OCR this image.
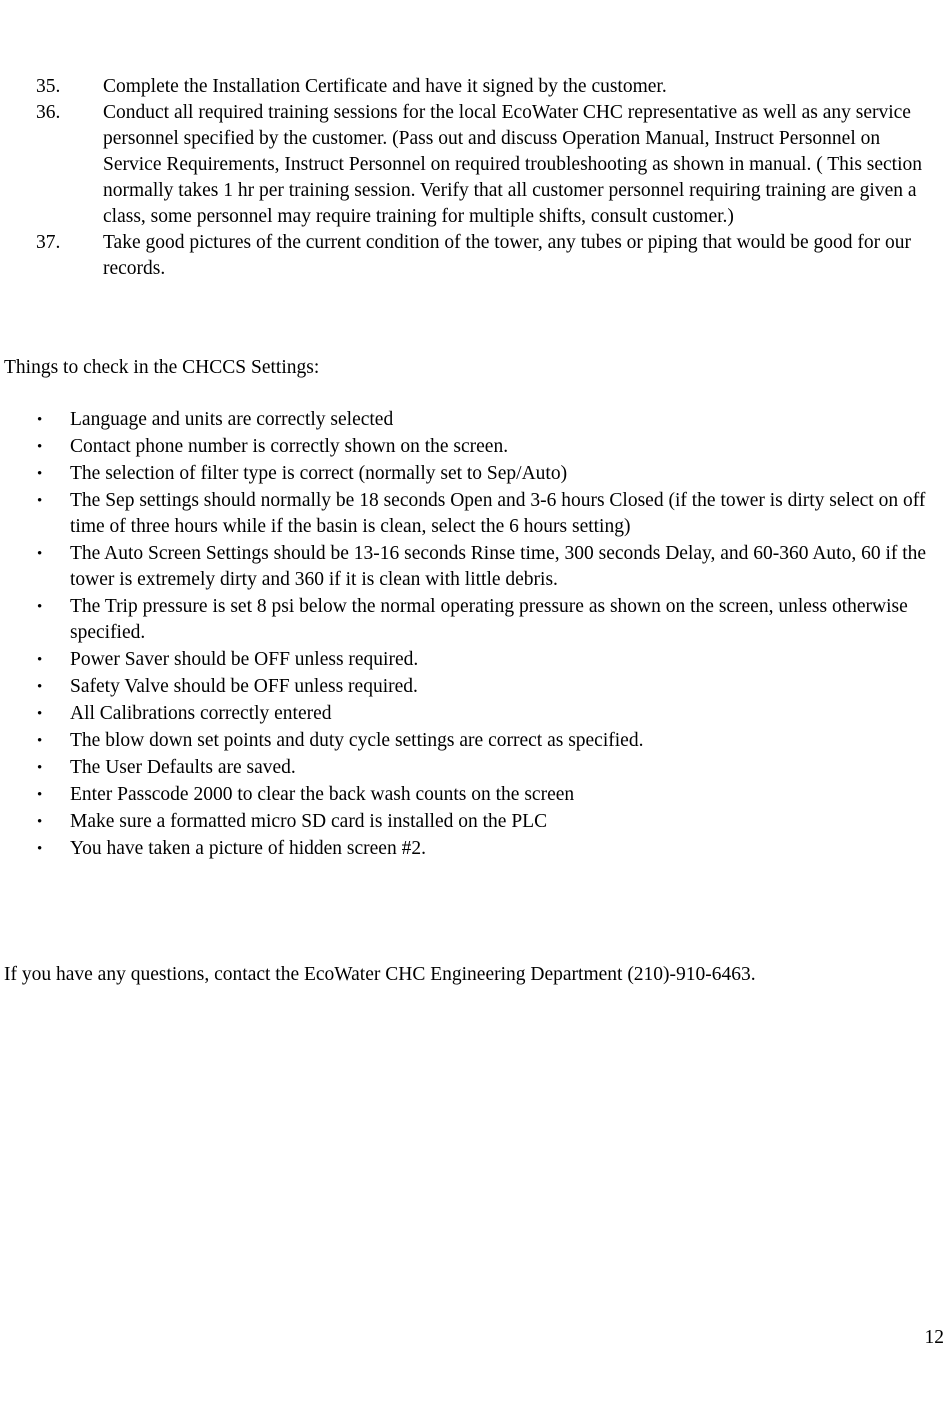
35. Complete the Installation Certificate and have it signed by the customer.
36. Conduct all required training sessions for the local EcoWater CHC representative as well as any service personnel specified by the customer. (Pass out and discuss Operation Manual, Instruct Personnel on Service Requirements, Instruct Personnel on required troubleshooting as shown in manual. ( This section normally takes 1 hr per training session. Verify that all customer personnel requiring training are given a class, some personnel may require training for multiple shifts, consult customer.)
37. Take good pictures of the current condition of the tower, any tubes or piping that would be good for our records.
Things to check in the CHCCS Settings:
• Language and units are correctly selected
• Contact phone number is correctly shown on the screen.
• The selection of filter type is correct (normally set to Sep/Auto)
• The Sep settings should normally be 18 seconds Open and 3-6 hours Closed (if the tower is dirty select on off time of three hours while if the basin is clean, select the 6 hours setting)
• The Auto Screen Settings should be 13-16 seconds Rinse time, 300 seconds Delay, and 60-360 Auto, 60 if the tower is extremely dirty and 360 if it is clean with little debris.
• The Trip pressure is set 8 psi below the normal operating pressure as shown on the screen, unless otherwise specified.
• Power Saver should be OFF unless required.
• Safety Valve should be OFF unless required.
• All Calibrations correctly entered
• The blow down set points and duty cycle settings are correct as specified.
• The User Defaults are saved.
• Enter Passcode 2000 to clear the back wash counts on the screen
• Make sure a formatted micro SD card is installed on the PLC
• You have taken a picture of hidden screen #2.
If you have any questions, contact the EcoWater CHC Engineering Department (210)-910-6463.
12
